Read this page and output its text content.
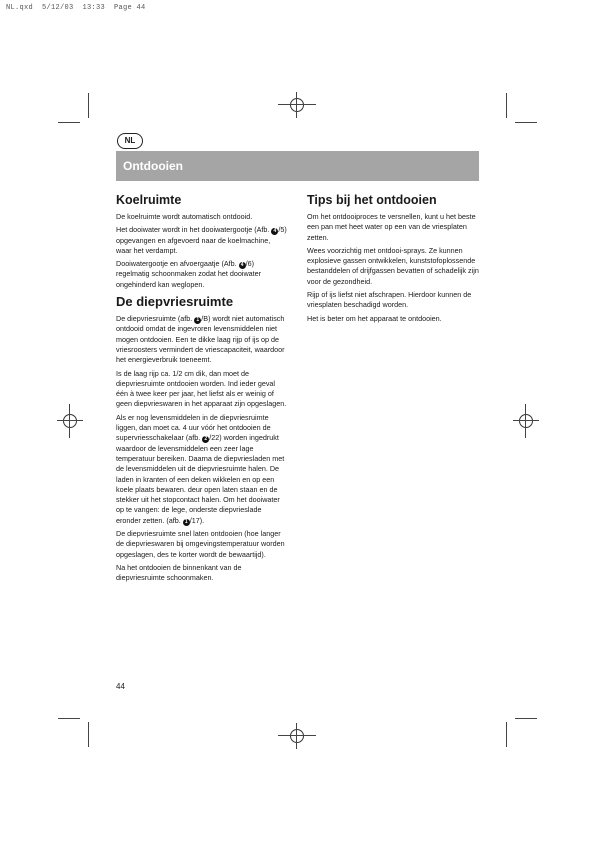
NL.qxd  5/12/03  13:33  Page 44
NL
Ontdooien
Koelruimte

De koelruimte wordt automatisch ontdooid.

Het dooiwater wordt in het dooiwatergootje (Afb. 4 /5) opgevangen en afgevoerd naar de koelmachine, waar het verdampt.

Dooiwatergootje en afvoergaatje (Afb. 4 /6) regelmatig schoonmaken zodat het dooiwater ongehinderd kan weglopen.

De diepvriesruimte

De diepvriesruimte (afb. 1 /B) wordt niet automatisch ontdooid omdat de ingevroren levensmiddelen niet mogen ontdooien. Een te dikke laag rijp of ijs op de vriesroosters vermindert de vriescapaciteit, waardoor het energieverbruik toeneemt.

Is de laag rijp ca. 1/2 cm dik, dan moet de diepvriesruimte ontdooien worden. Ind ieder geval één à twee keer per jaar, het liefst als er weinig of geen diepvrieswaren in het apparaat zijn opgeslagen.

Als er nog levensmiddelen in de diepvriesruimte liggen, dan moet ca. 4 uur vóór het ontdooien de supervriesschakelaar (afb. 2 /22) worden ingedrukt waardoor de levensmiddelen een zeer lage temperatuur bereiken. Daarna de diepvriesladen met de levensmiddelen uit de diepvriesruimte halen. De laden in kranten of een deken wikkelen en op een koele plaats bewaren. deur open laten staan en de stekker uit het stopcontact halen. Om het dooiwater op te vangen: de lege, onderste diepvrieslade eronder zetten. (afb. 1 /17).

De diepvriesruimte snel laten ontdooien (hoe langer de diepvrieswaren bij omgevingstemperatuur worden opgeslagen, des te korter wordt de bewaartijd).

Na het ontdooien de binnenkant van de diepvriesruimte schoonmaken.

Tips bij het ontdooien

Om het ontdooiproces te versnellen, kunt u het beste een pan met heet water op een van de vriesplaten zetten.

Wees voorzichtig met ontdooi-sprays. Ze kunnen explosieve gassen ontwikkelen, kunststofoplossende bestanddelen of drijfgassen bevatten of schadelijk zijn voor de gezondheid.

Rijp of ijs liefst niet afschrapen. Hierdoor kunnen de vriesplaten beschadigd worden.

Het is beter om het apparaat te ontdooien.

44
